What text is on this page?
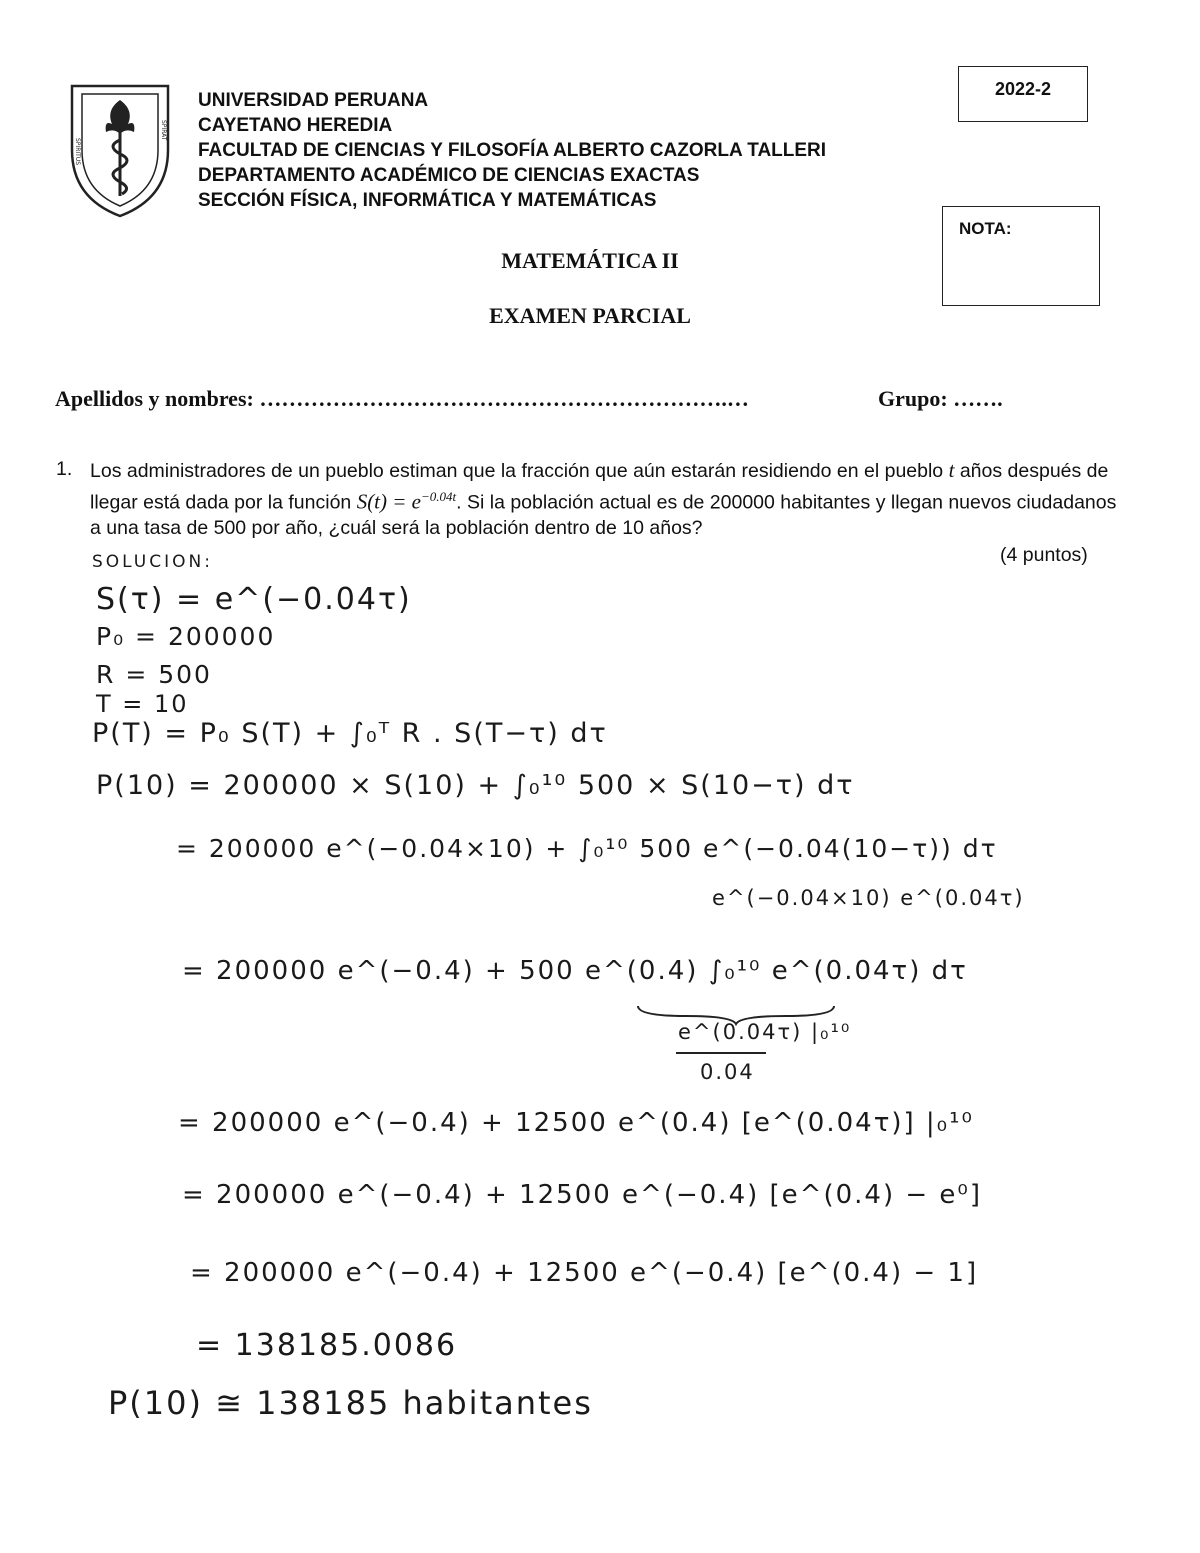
SPIRITUS
SPIRAT
UNIVERSIDAD PERUANA
CAYETANO HEREDIA
FACULTAD DE CIENCIAS Y FILOSOFÍA ALBERTO CAZORLA TALLERI
DEPARTAMENTO ACADÉMICO DE CIENCIAS EXACTAS
SECCIÓN FÍSICA, INFORMÁTICA Y MATEMÁTICAS
2022-2
NOTA:
MATEMÁTICA II
EXAMEN PARCIAL
Apellidos y nombres: ……………………………………………………….…	Grupo: …….
1. Los administradores de un pueblo estiman que la fracción que aún estarán residiendo en el pueblo t años después de llegar está dada por la función $S(t) = e^{-0.04t}$. Si la población actual es de 200000 habitantes y llegan nuevos ciudadanos a una tasa de 500 por año, ¿cuál será la población dentro de 10 años?
(4 puntos)
SOLUCION:
S(τ) = e^(−0.04τ)
P₀ = 200000
R = 500
T = 10
P(T) = P₀ S(T) + ∫₀ᵀ R . S(T−τ) dτ
P(10) = 200000 × S(10) + ∫₀¹⁰ 500 × S(10−τ) dτ
= 200000 e^(−0.04×10) + ∫₀¹⁰ 500 e^(−0.04(10−τ)) dτ
e^(−0.04×10) e^(0.04τ)
= 200000 e^(−0.4) + 500 e^(0.4) ∫₀¹⁰ e^(0.04τ) dτ
e^(0.04τ) |₀¹⁰
0.04
= 200000 e^(−0.4) + 12500 e^(0.4) [e^(0.04τ)] |₀¹⁰
= 200000 e^(−0.4) + 12500 e^(−0.4) [e^(0.4) − e⁰]
= 200000 e^(−0.4) + 12500 e^(−0.4) [e^(0.4) − 1]
= 138185.0086
P(10) ≅ 138185 habitantes
